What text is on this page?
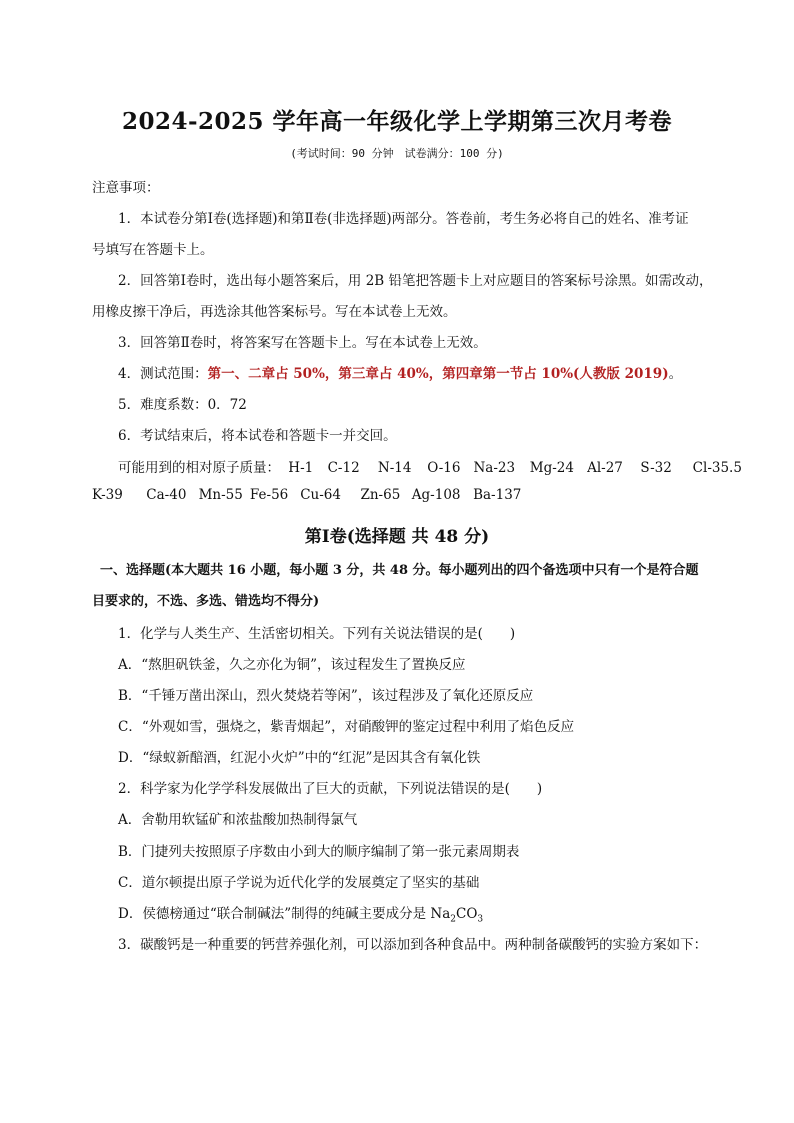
2024-2025 学年高一年级化学上学期第三次月考卷
(考试时间：90 分钟　试卷满分：100 分)
注意事项：
1．本试卷分第Ⅰ卷(选择题)和第Ⅱ卷(非选择题)两部分。答卷前，考生务必将自己的姓名、准考证
号填写在答题卡上。
2．回答第Ⅰ卷时，选出每小题答案后，用 2B 铅笔把答题卡上对应题目的答案标号涂黑。如需改动，
用橡皮擦干净后，再选涂其他答案标号。写在本试卷上无效。
3．回答第Ⅱ卷时，将答案写在答题卡上。写在本试卷上无效。
4．测试范围：第一、二章占 50%，第三章占 40%，第四章第一节占 10%(人教版 2019)。
5．难度系数：0．72
6．考试结束后，将本试卷和答题卡一并交回。
可能用到的相对原子质量： H-1 C-12 N-14 O-16 Na-23 Mg-24 Al-27 S-32 Cl-35.5
K-39 Ca-40 Mn-55 Fe-56 Cu-64 Zn-65 Ag-108 Ba-137
第Ⅰ卷(选择题 共 48 分)
一、选择题(本大题共 16 小题，每小题 3 分，共 48 分。每小题列出的四个备选项中只有一个是符合题
目要求的，不选、多选、错选均不得分)
1．化学与人类生产、生活密切相关。下列有关说法错误的是(　　)
A．“熬胆矾铁釜，久之亦化为铜”，该过程发生了置换反应
B．“千锤万凿出深山，烈火焚烧若等闲”，该过程涉及了氧化还原反应
C．“外观如雪，强烧之，紫青烟起”，对硝酸钾的鉴定过程中利用了焰色反应
D．“绿蚁新醅酒，红泥小火炉”中的“红泥”是因其含有氧化铁
2．科学家为化学学科发展做出了巨大的贡献，下列说法错误的是(　　)
A．舍勒用软锰矿和浓盐酸加热制得氯气
B．门捷列夫按照原子序数由小到大的顺序编制了第一张元素周期表
C．道尔顿提出原子学说为近代化学的发展奠定了坚实的基础
D．侯德榜通过“联合制碱法”制得的纯碱主要成分是 $Na_2CO_3$
3．碳酸钙是一种重要的钙营养强化剂，可以添加到各种食品中。两种制备碳酸钙的实验方案如下：
